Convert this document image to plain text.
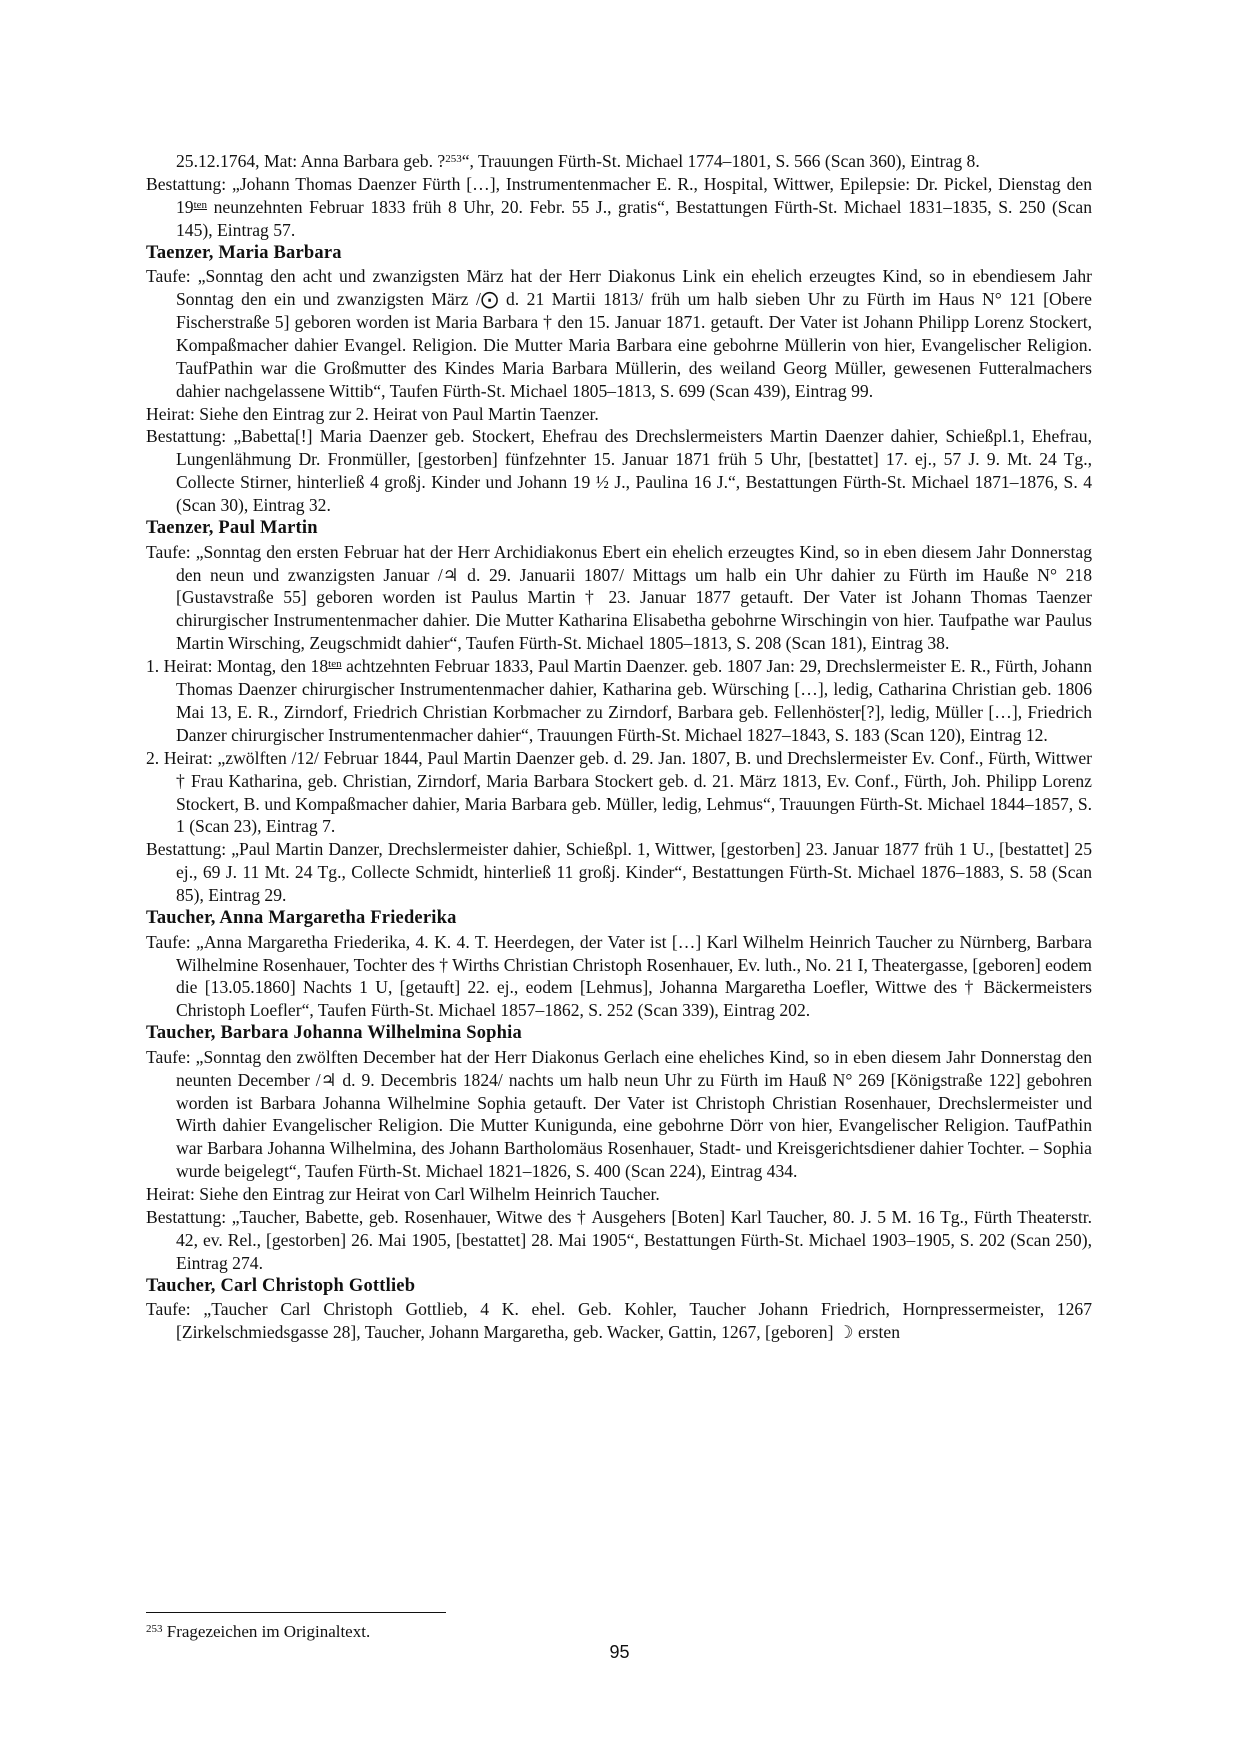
25.12.1764, Mat: Anna Barbara geb. ?$^{253}$“, Trauungen Fürth-St. Michael 1774–1801, S. 566 (Scan 360), Eintrag 8.
Bestattung: „Johann Thomas Daenzer Fürth […], Instrumentenmacher E. R., Hospital, Wittwer, Epilepsie: Dr. Pickel, Dienstag den $19^{ten}$ neunzehnten Februar 1833 früh 8 Uhr, 20. Febr. 55 J., gratis“, Bestattungen Fürth-St. Michael 1831–1835, S. 250 (Scan 145), Eintrag 57.
Taenzer, Maria Barbara
Taufe: „Sonntag den acht und zwanzigsten März hat der Herr Diakonus Link ein ehelich erzeugtes Kind, so in ebendiesem Jahr Sonntag den ein und zwanzigsten März /⨀ d. 21 Martii 1813/ früh um halb sieben Uhr zu Fürth im Haus N° 121 [Obere Fischerstraße 5] geboren worden ist Maria Barbara † den 15. Januar 1871. getauft. Der Vater ist Johann Philipp Lorenz Stockert, Kompaßmacher dahier Evangel. Religion. Die Mutter Maria Barbara eine gebohrne Müllerin von hier, Evangelischer Religion. TaufPathin war die Großmutter des Kindes Maria Barbara Müllerin, des weiland Georg Müller, gewesenen Futteralmachers dahier nachgelassene Wittib“, Taufen Fürth-St. Michael 1805–1813, S. 699 (Scan 439), Eintrag 99.
Heirat: Siehe den Eintrag zur 2. Heirat von Paul Martin Taenzer.
Bestattung: „Babetta[!] Maria Daenzer geb. Stockert, Ehefrau des Drechslermeisters Martin Daenzer dahier, Schießpl.1, Ehefrau, Lungenlähmung Dr. Fronmüller, [gestorben] fünfzehnter 15. Januar 1871 früh 5 Uhr, [bestattet] 17. ej., 57 J. 9. Mt. 24 Tg., Collecte Stirner, hinterließ 4 großj. Kinder und Johann 19 ½ J., Paulina 16 J.“, Bestattungen Fürth-St. Michael 1871–1876, S. 4 (Scan 30), Eintrag 32.
Taenzer, Paul Martin
Taufe: „Sonntag den ersten Februar hat der Herr Archidiakonus Ebert ein ehelich erzeugtes Kind, so in eben diesem Jahr Donnerstag den neun und zwanzigsten Januar /♃ d. 29. Januarii 1807/ Mittags um halb ein Uhr dahier zu Fürth im Hauße N° 218 [Gustavstraße 55] geboren worden ist Paulus Martin † 23. Januar 1877 getauft. Der Vater ist Johann Thomas Taenzer chirurgischer Instrumentenmacher dahier. Die Mutter Katharina Elisabetha gebohrne Wirschingin von hier. Taufpathe war Paulus Martin Wirsching, Zeugschmidt dahier“, Taufen Fürth-St. Michael 1805–1813, S. 208 (Scan 181), Eintrag 38.
1. Heirat: Montag, den $18^{ten}$ achtzehnten Februar 1833, Paul Martin Daenzer. geb. 1807 Jan: 29, Drechslermeister E. R., Fürth, Johann Thomas Daenzer chirurgischer Instrumentenmacher dahier, Katharina geb. Würsching […], ledig, Catharina Christian geb. 1806 Mai 13, E. R., Zirndorf, Friedrich Christian Korbmacher zu Zirndorf, Barbara geb. Fellenhöster[?], ledig, Müller […], Friedrich Danzer chirurgischer Instrumentenmacher dahier“, Trauungen Fürth-St. Michael 1827–1843, S. 183 (Scan 120), Eintrag 12.
2. Heirat: „zwölften /12/ Februar 1844, Paul Martin Daenzer geb. d. 29. Jan. 1807, B. und Drechslermeister Ev. Conf., Fürth, Wittwer † Frau Katharina, geb. Christian, Zirndorf, Maria Barbara Stockert geb. d. 21. März 1813, Ev. Conf., Fürth, Joh. Philipp Lorenz Stockert, B. und Kompaßmacher dahier, Maria Barbara geb. Müller, ledig, Lehmus“, Trauungen Fürth-St. Michael 1844–1857, S. 1 (Scan 23), Eintrag 7.
Bestattung: „Paul Martin Danzer, Drechslermeister dahier, Schießpl. 1, Wittwer, [gestorben] 23. Januar 1877 früh 1 U., [bestattet] 25 ej., 69 J. 11 Mt. 24 Tg., Collecte Schmidt, hinterließ 11 großj. Kinder“, Bestattungen Fürth-St. Michael 1876–1883, S. 58 (Scan 85), Eintrag 29.
Taucher, Anna Margaretha Friederika
Taufe: „Anna Margaretha Friederika, 4. K. 4. T. Heerdegen, der Vater ist […] Karl Wilhelm Heinrich Taucher zu Nürnberg, Barbara Wilhelmine Rosenhauer, Tochter des † Wirths Christian Christoph Rosenhauer, Ev. luth., No. 21 I, Theatergasse, [geboren] eodem die [13.05.1860] Nachts 1 U, [getauft] 22. ej., eodem [Lehmus], Johanna Margaretha Loefler, Wittwe des † Bäckermeisters Christoph Loefler“, Taufen Fürth-St. Michael 1857–1862, S. 252 (Scan 339), Eintrag 202.
Taucher, Barbara Johanna Wilhelmina Sophia
Taufe: „Sonntag den zwölften December hat der Herr Diakonus Gerlach eine eheliches Kind, so in eben diesem Jahr Donnerstag den neunten December /♃ d. 9. Decembris 1824/ nachts um halb neun Uhr zu Fürth im Hauß N° 269 [Königstraße 122] gebohren worden ist Barbara Johanna Wilhelmine Sophia getauft. Der Vater ist Christoph Christian Rosenhauer, Drechslermeister und Wirth dahier Evangelischer Religion. Die Mutter Kunigunda, eine gebohrne Dörr von hier, Evangelischer Religion. TaufPathin war Barbara Johanna Wilhelmina, des Johann Bartholomäus Rosenhauer, Stadt- und Kreisgerichtsdiener dahier Tochter. – Sophia wurde beigelegt“, Taufen Fürth-St. Michael 1821–1826, S. 400 (Scan 224), Eintrag 434.
Heirat: Siehe den Eintrag zur Heirat von Carl Wilhelm Heinrich Taucher.
Bestattung: „Taucher, Babette, geb. Rosenhauer, Witwe des † Ausgehers [Boten] Karl Taucher, 80. J. 5 M. 16 Tg., Fürth Theaterstr. 42, ev. Rel., [gestorben] 26. Mai 1905, [bestattet] 28. Mai 1905“, Bestattungen Fürth-St. Michael 1903–1905, S. 202 (Scan 250), Eintrag 274.
Taucher, Carl Christoph Gottlieb
Taufe: „Taucher Carl Christoph Gottlieb, 4 K. ehel. Geb. Kohler, Taucher Johann Friedrich, Hornpressermeister, 1267 [Zirkelschmiedsgasse 28], Taucher, Johann Margaretha, geb. Wacker, Gattin, 1267, [geboren] ☽ ersten
$^{253}$ Fragezeichen im Originaltext.
95
